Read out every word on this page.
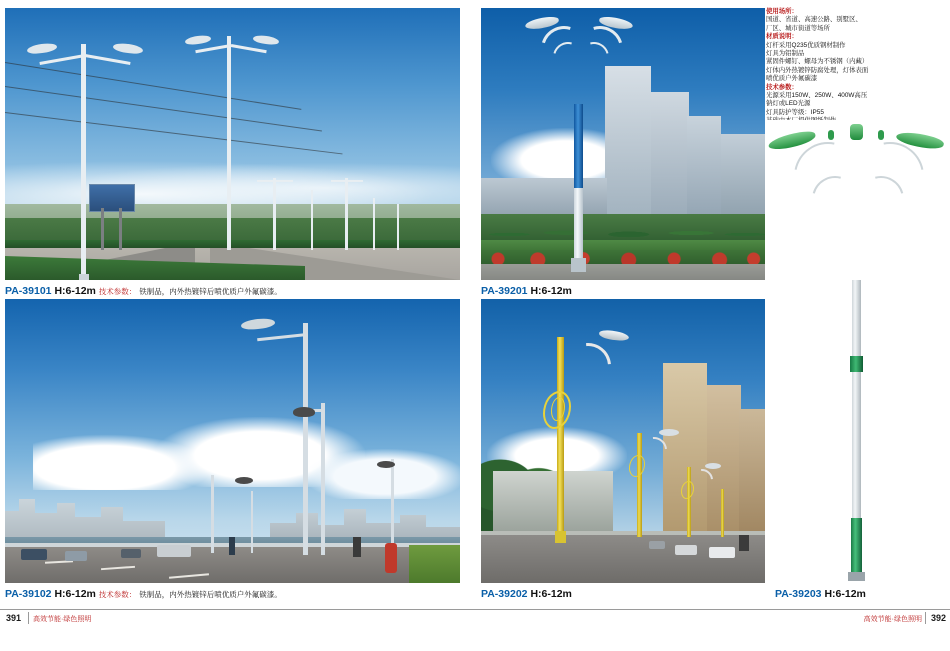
PA-39101 H:6-12m 技术参数： 铁制品，内外热镀锌后喷优质户外氟碳漆。
PA-39102 H:6-12m 技术参数： 铁制品，内外热镀锌后喷优质户外氟碳漆。
PA-39201 H:6-12m
PA-39202 H:6-12m
使用场所：
国道、省道、高速公路、别墅区、
厂区、城市街道等场所
材质说明：
灯杆采用Q235优质钢材制作
灯具为铝制品
紧固件螺钉、螺母为不锈钢（内藏）
灯体内外热镀锌防腐处理，灯体表面
喷优质户外氟碳漆
技术参数：
光源采用150W、250W、400W高压
钠灯或LED光源
灯具防护等级：IP55
PA-39203 H:6-12m
391 高效节能·绿色照明	高效节能·绿色照明 392
